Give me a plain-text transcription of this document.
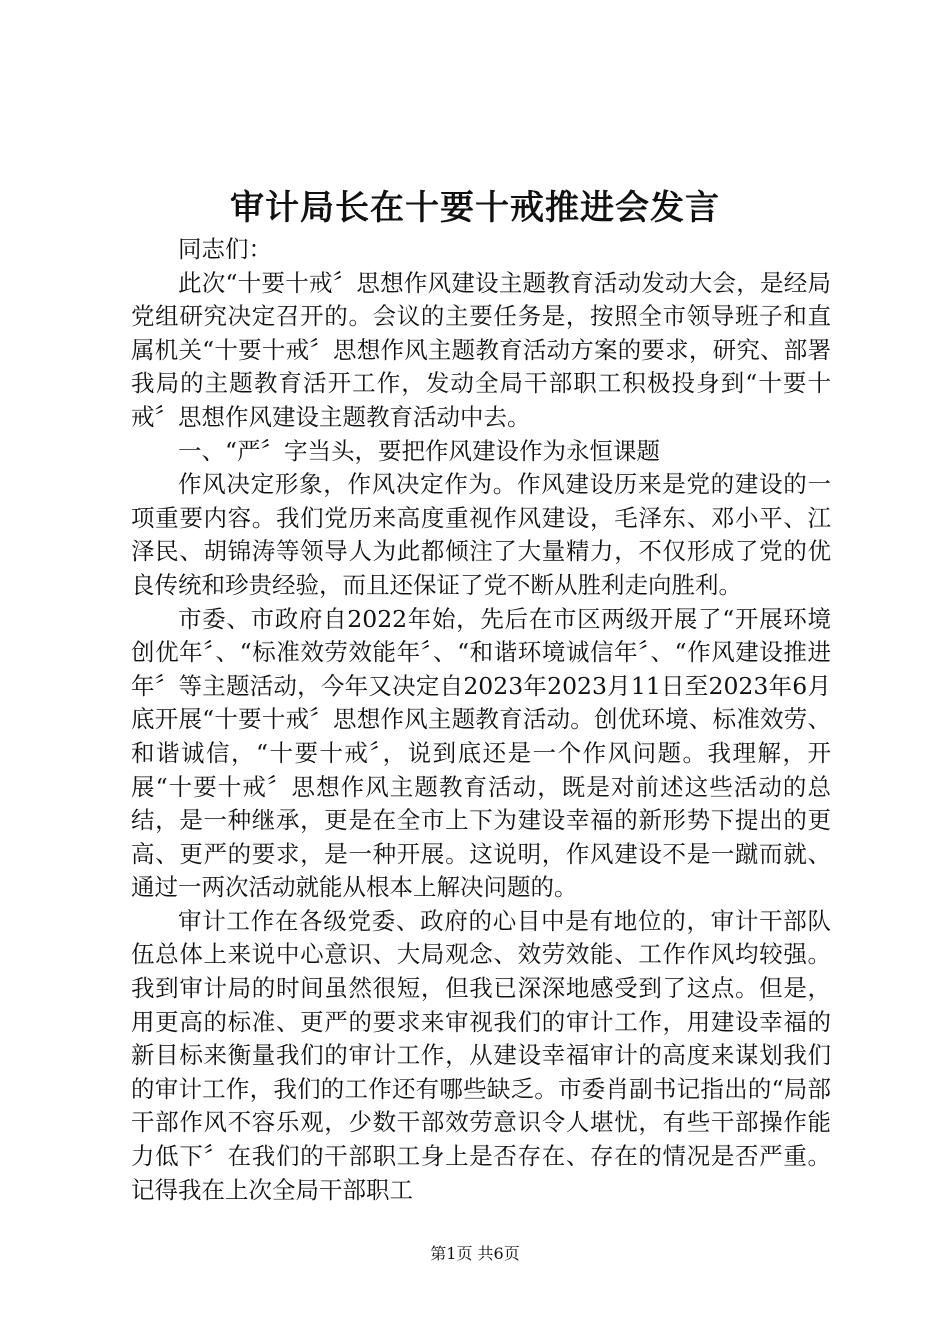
审计局长在十要十戒推进会发言

同志们：

此次“十要十戒〞思想作风建设主题教育活动发动大会，是经局党组研究决定召开的。会议的主要任务是，按照全市领导班子和直属机关“十要十戒〞思想作风主题教育活动方案的要求，研究、部署我局的主题教育活开工作，发动全局干部职工积极投身到“十要十戒〞思想作风建设主题教育活动中去。

一、“严〞字当头，要把作风建设作为永恒课题

作风决定形象，作风决定作为。作风建设历来是党的建设的一项重要内容。我们党历来高度重视作风建设，毛泽东、邓小平、江泽民、胡锦涛等领导人为此都倾注了大量精力，不仅形成了党的优良传统和珍贵经验，而且还保证了党不断从胜利走向胜利。

市委、市政府自2022年始，先后在市区两级开展了“开展环境创优年〞、“标准效劳效能年〞、“和谐环境诚信年〞、“作风建设推进年〞等主题活动，今年又决定自2023年2023月11日至2023年6月底开展“十要十戒〞思想作风主题教育活动。创优环境、标准效劳、和谐诚信，“十要十戒〞，说到底还是一个作风问题。我理解，开展“十要十戒〞思想作风主题教育活动，既是对前述这些活动的总结，是一种继承，更是在全市上下为建设幸福的新形势下提出的更高、更严的要求，是一种开展。这说明，作风建设不是一蹴而就、通过一两次活动就能从根本上解决问题的。

审计工作在各级党委、政府的心目中是有地位的，审计干部队伍总体上来说中心意识、大局观念、效劳效能、工作作风均较强。我到审计局的时间虽然很短，但我已深深地感受到了这点。但是，用更高的标准、更严的要求来审视我们的审计工作，用建设幸福的新目标来衡量我们的审计工作，从建设幸福审计的高度来谋划我们的审计工作，我们的工作还有哪些缺乏。市委肖副书记指出的“局部干部作风不容乐观，少数干部效劳意识令人堪忧，有些干部操作能力低下〞在我们的干部职工身上是否存在、存在的情况是否严重。记得我在上次全局干部职工

第1页 共6页
